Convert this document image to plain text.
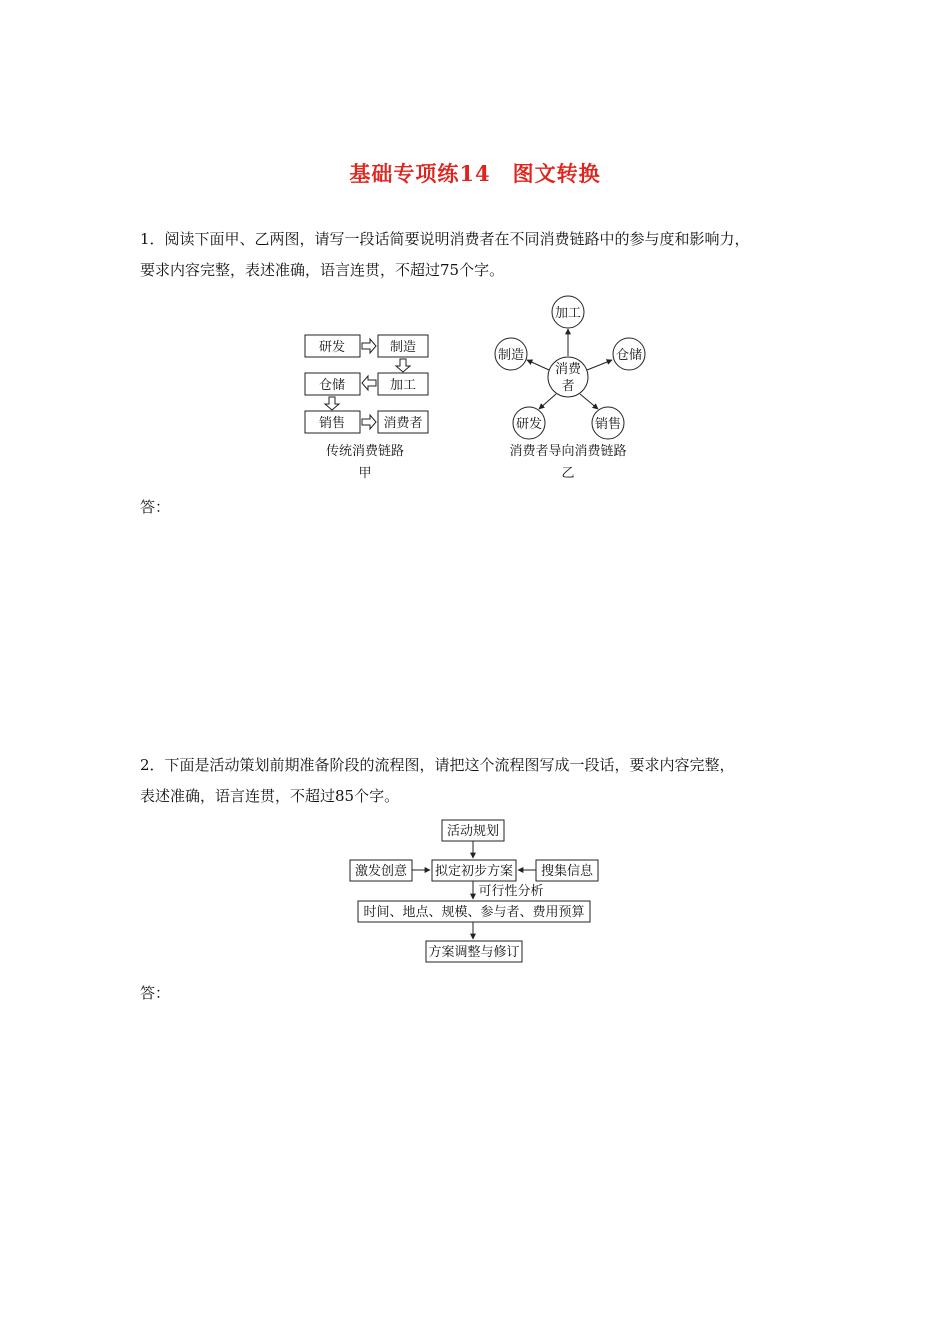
基础专项练14　图文转换
1．阅读下面甲、乙两图，请写一段话简要说明消费者在不同消费链路中的参与度和影响力，
要求内容完整，表述准确，语言连贯，不超过75个字。
研发	制造
仓储	加工
销售	消费者
传统消费链路
甲
消费
者
加工
制造	仓储
研发	销售
消费者导向消费链路
乙
答：
2．下面是活动策划前期准备阶段的流程图，请把这个流程图写成一段话，要求内容完整，
表述准确，语言连贯，不超过85个字。
活动规划
激发创意 拟定初步方案 搜集信息
可行性分析
时间、地点、规模、参与者、费用预算
方案调整与修订
答：
